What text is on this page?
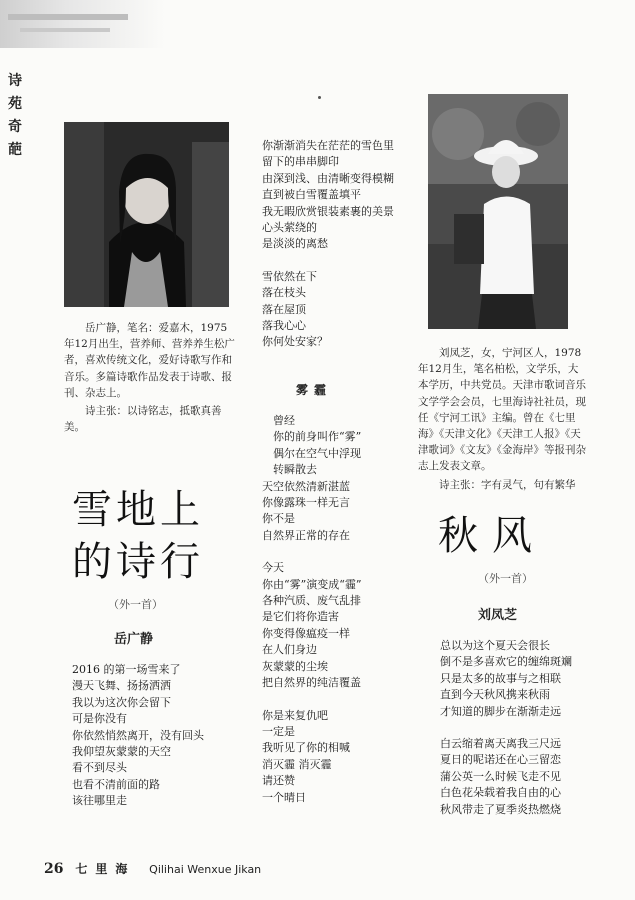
诗苑奇葩

岳广静，笔名：爱嘉木，1975年12月出生，营养师、营养养生松广者，喜欢传统文化，爱好诗歌写作和音乐。多篇诗歌作品发表于诗歌、报刊、杂志上。

诗主张：以诗铭志，抵歌真善美。

雪地上
的诗行
（外一首）
岳广静
2016 的第一场雪来了
漫天飞舞、扬扬洒洒
我以为这次你会留下
可是你没有
你依然悄然离开，没有回头
我仰望灰蒙蒙的天空
看不到尽头
也看不清前面的路
该往哪里走
你渐渐消失在茫茫的雪色里
留下的串串脚印
由深到浅、由清晰变得模糊
直到被白雪覆盖填平
我无暇欣赏银装素裹的美景
心头萦绕的
是淡淡的离愁
雪依然在下
落在枝头
落在屋顶
落我心心
你何处安家？
雾霾
曾经
你的前身叫作“雾”
偶尔在空气中浮现
转瞬散去
天空依然清新湛蓝
你像露珠一样无言
你不是
自然界正常的存在
今天
你由“雾”演变成“霾”
各种汽质、废气乱排
是它们将你造害
你变得像瘟疫一样
在人们身边
灰蒙蒙的尘埃
把自然界的纯洁覆盖
你是来复仇吧
一定是
我听见了你的相喊
消灭霾 消灭霾
请还赞
一个晴日

刘凤芝，女，宁河区人，1978年12月生，笔名柏松，文学乐，大本学历，中共党员。天津市歌词音乐文学学会会员，七里海诗社社员，现任《宁河工讯》主编。曾在《七里海》《天津文化》《天津工人报》《天津歌词》《文友》《金海岸》等报刊杂志上发表文章。

诗主张：字有灵气，句有繁华

秋风
（外一首）
刘凤芝
总以为这个夏天会很长
倒不是多喜欢它的缠绵斑斓
只是太多的故事与之相联
直到今天秋风携来秋雨
才知道的脚步在渐渐走远
白云缩着离天离我三尺远
夏日的呢诺还在心三留恋
蒲公英一么时候飞走不见
白色花朵载着我自由的心
秋风带走了夏季炎热燃烧
26 七里海 Qilihai Wenxue Jikan
